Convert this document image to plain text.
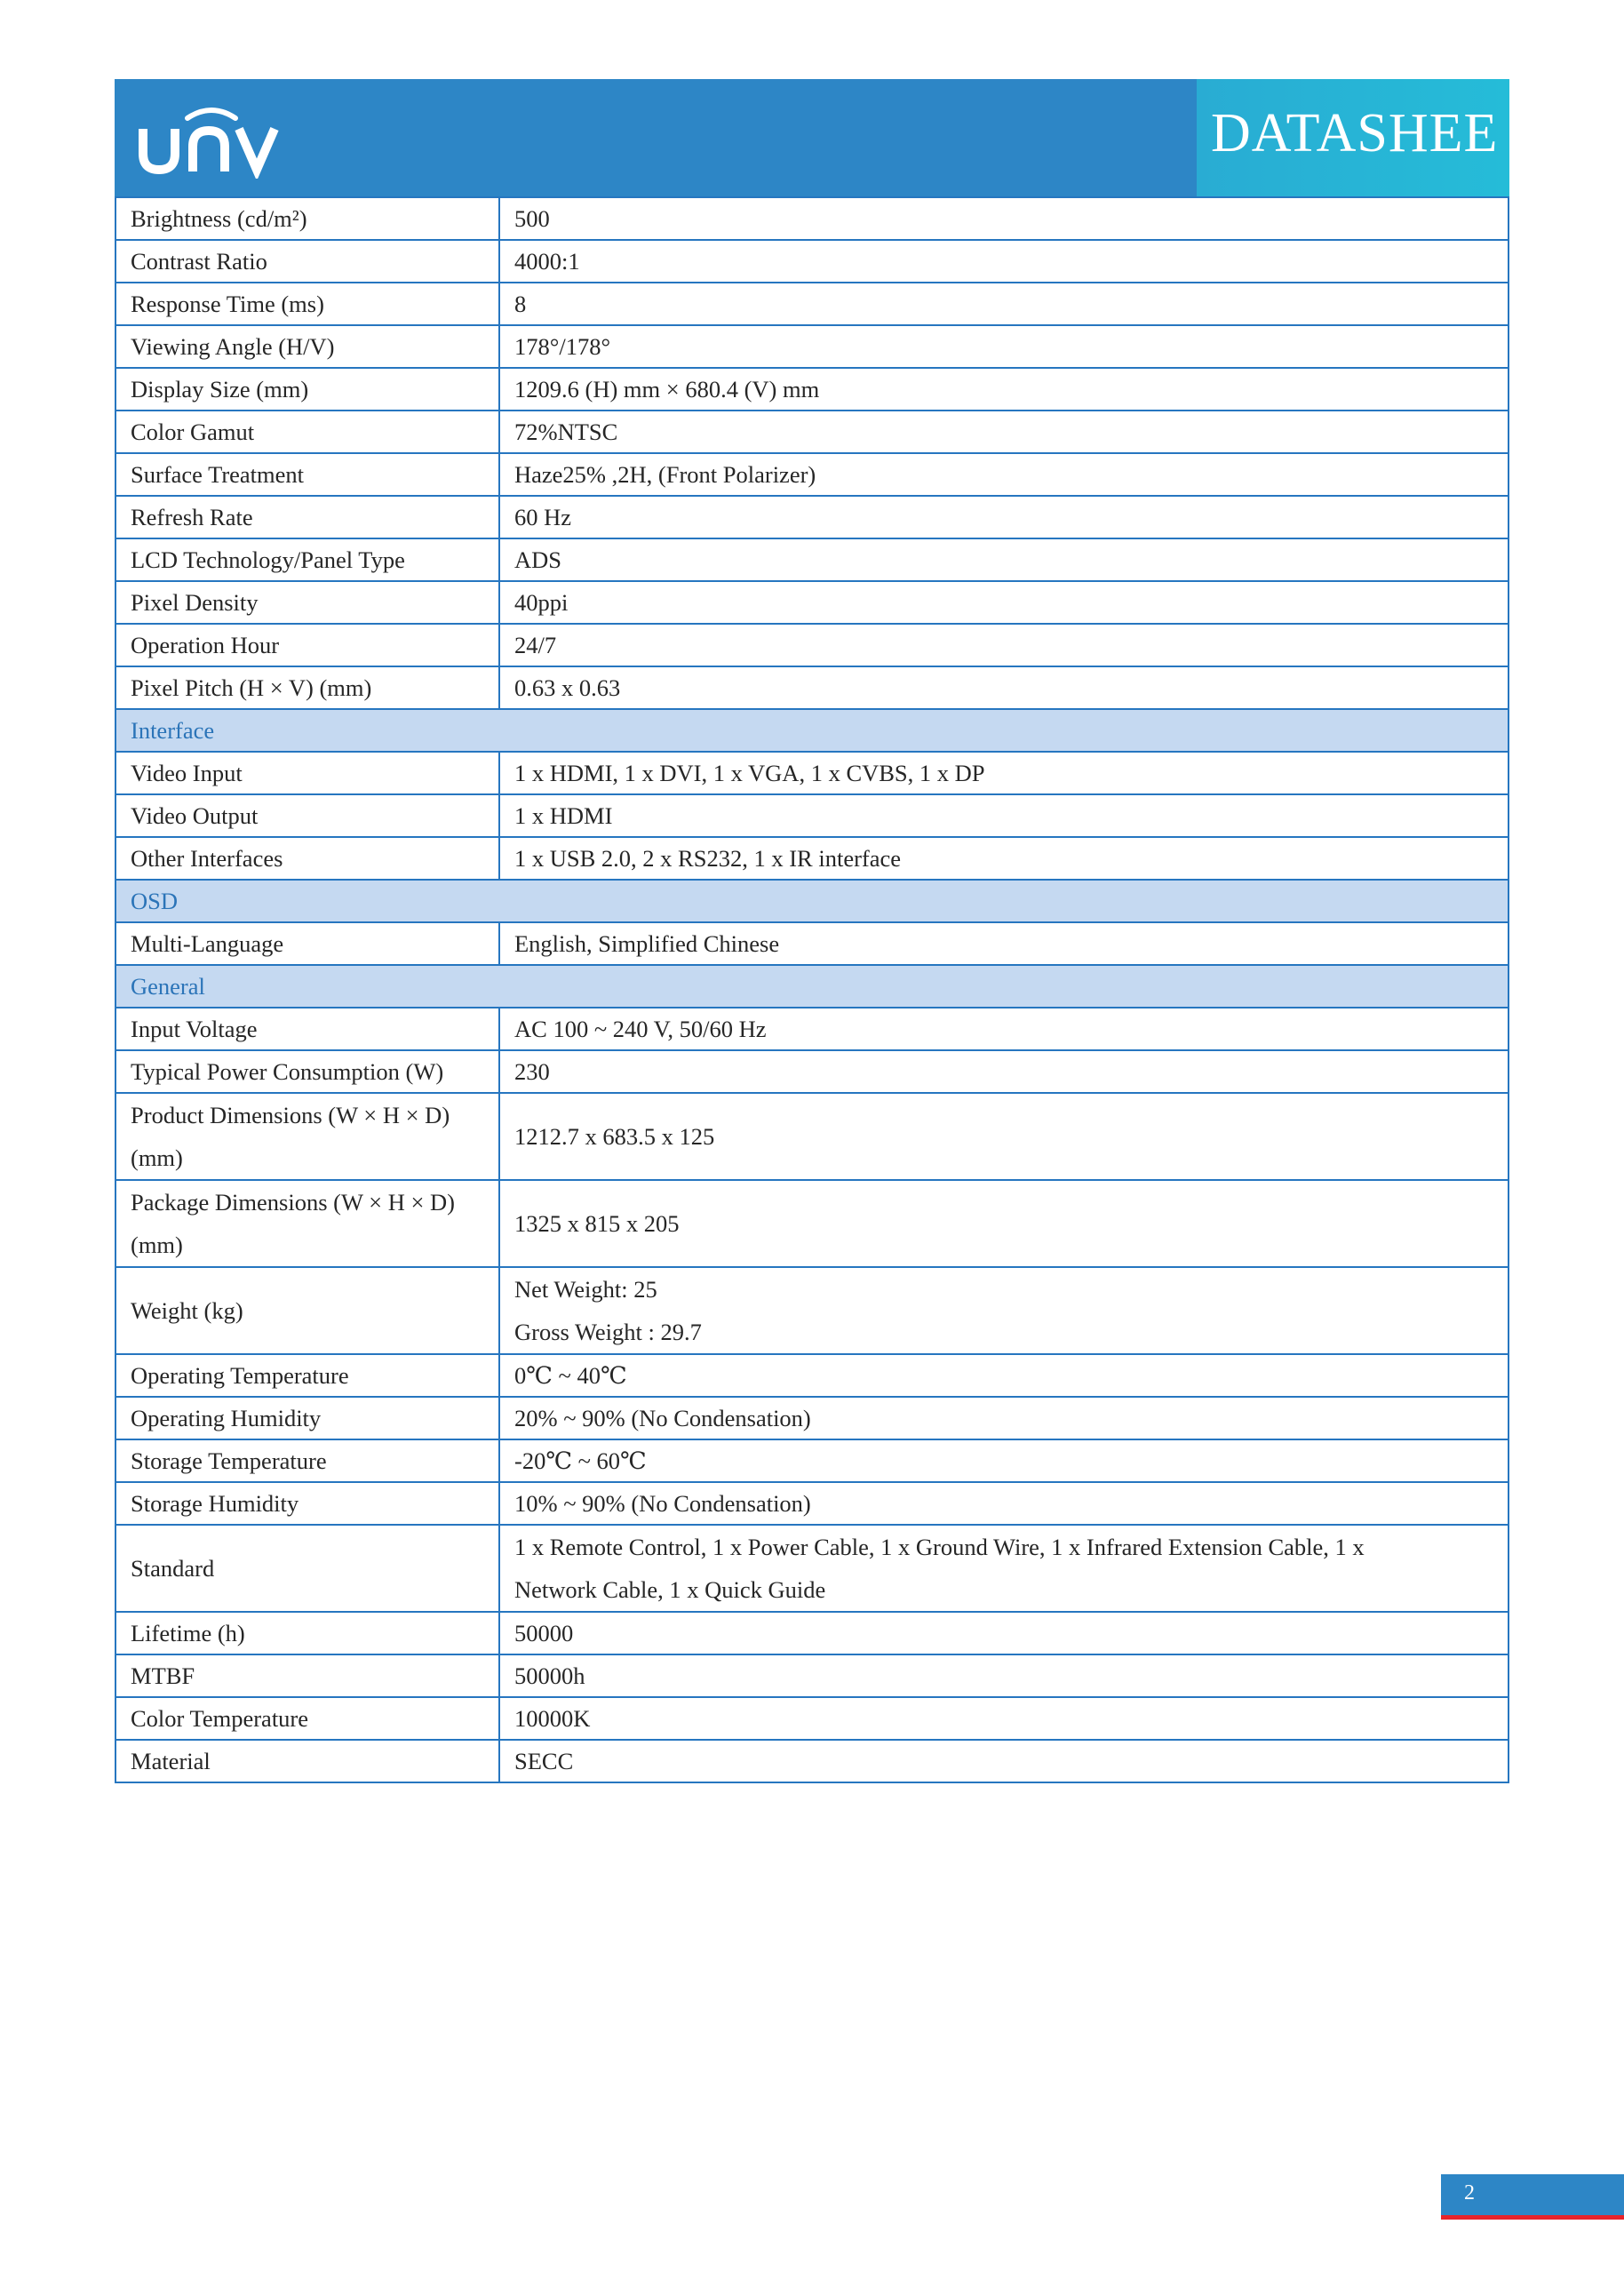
DATASHEE
Brightness (cd/m²)	500

Contrast Ratio	4000:1

Response Time (ms)	8

Viewing Angle (H/V)	178°/178°

Display Size (mm)	1209.6 (H) mm × 680.4 (V) mm

Color Gamut	72%NTSC

Surface Treatment	Haze25% ,2H, (Front Polarizer)

Refresh Rate	60 Hz

LCD Technology/Panel Type	ADS

Pixel Density	40ppi

Operation Hour	24/7

Pixel Pitch (H × V) (mm)	0.63 x 0.63

Interface	
Video Input	1 x HDMI, 1 x DVI, 1 x VGA, 1 x CVBS, 1 x DP

Video Output	1 x HDMI

Other Interfaces	1 x USB 2.0, 2 x RS232, 1 x IR interface

OSD	
Multi-Language	English, Simplified Chinese

General	
Input Voltage	AC 100 ~ 240 V, 50/60 Hz

Typical Power Consumption (W)	230

Product Dimensions (W × H × D)
(mm)	1212.7 x 683.5 x 125

Package Dimensions (W × H × D)
(mm)	1325 x 815 x 205

Weight (kg)	Net Weight: 25
Gross Weight : 29.7

Operating Temperature	0℃ ~ 40℃

Operating Humidity	20% ~ 90% (No Condensation)

Storage Temperature	-20℃ ~ 60℃

Storage Humidity	10% ~ 90% (No Condensation)

Standard	1 x Remote Control, 1 x Power Cable, 1 x Ground Wire, 1 x Infrared Extension Cable, 1 x
Network Cable, 1 x Quick Guide

Lifetime (h)	50000

MTBF	50000h

Color Temperature	10000K

Material	SECC
2
